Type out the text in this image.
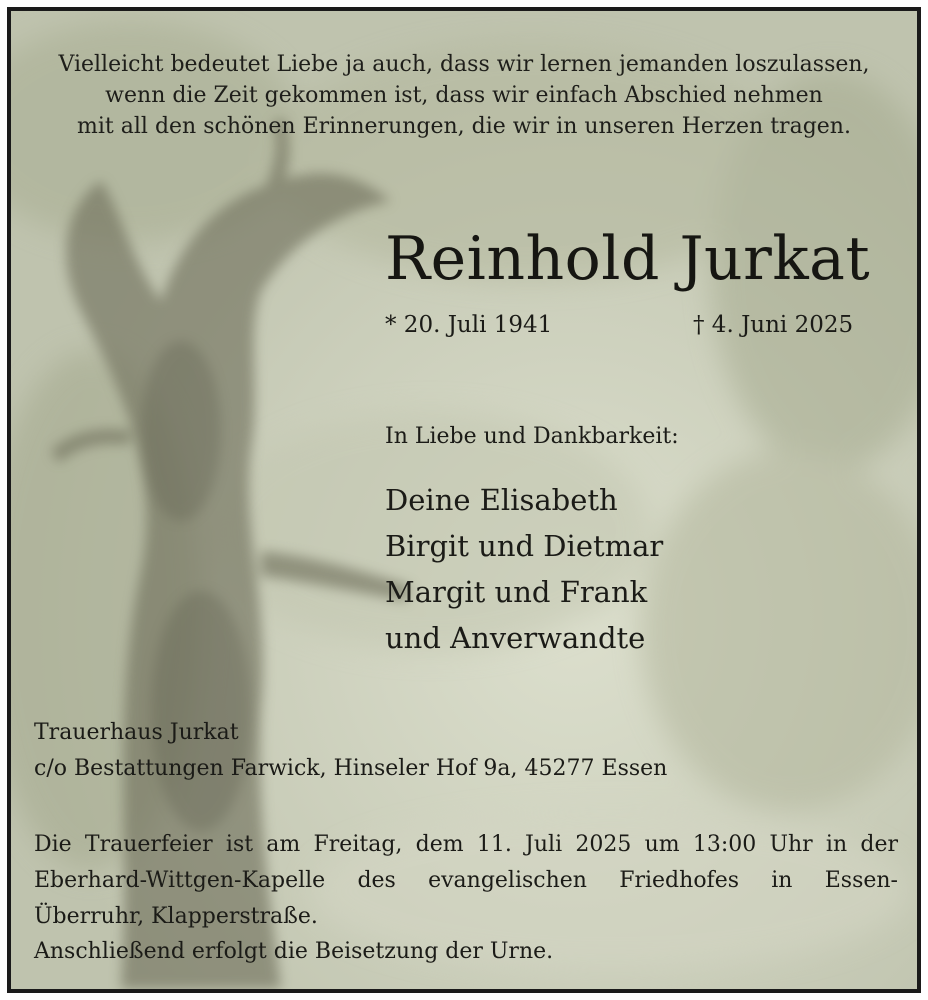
Vielleicht bedeutet Liebe ja auch, dass wir lernen jemanden loszulassen,
wenn die Zeit gekommen ist, dass wir einfach Abschied nehmen
mit all den schönen Erinnerungen, die wir in unseren Herzen tragen.
Reinhold Jurkat
* 20. Juli 1941	† 4. Juni 2025
In Liebe und Dankbarkeit:
Deine Elisabeth
Birgit und Dietmar
Margit und Frank
und Anverwandte
Trauerhaus Jurkat
c/o Bestattungen Farwick, Hinseler Hof 9a, 45277 Essen
Die Trauerfeier ist am Freitag, dem 11. Juli 2025 um 13:00 Uhr in der
Eberhard-Wittgen-Kapelle des evangelischen Friedhofes in Essen-
Überruhr, Klapperstraße.
Anschließend erfolgt die Beisetzung der Urne.
